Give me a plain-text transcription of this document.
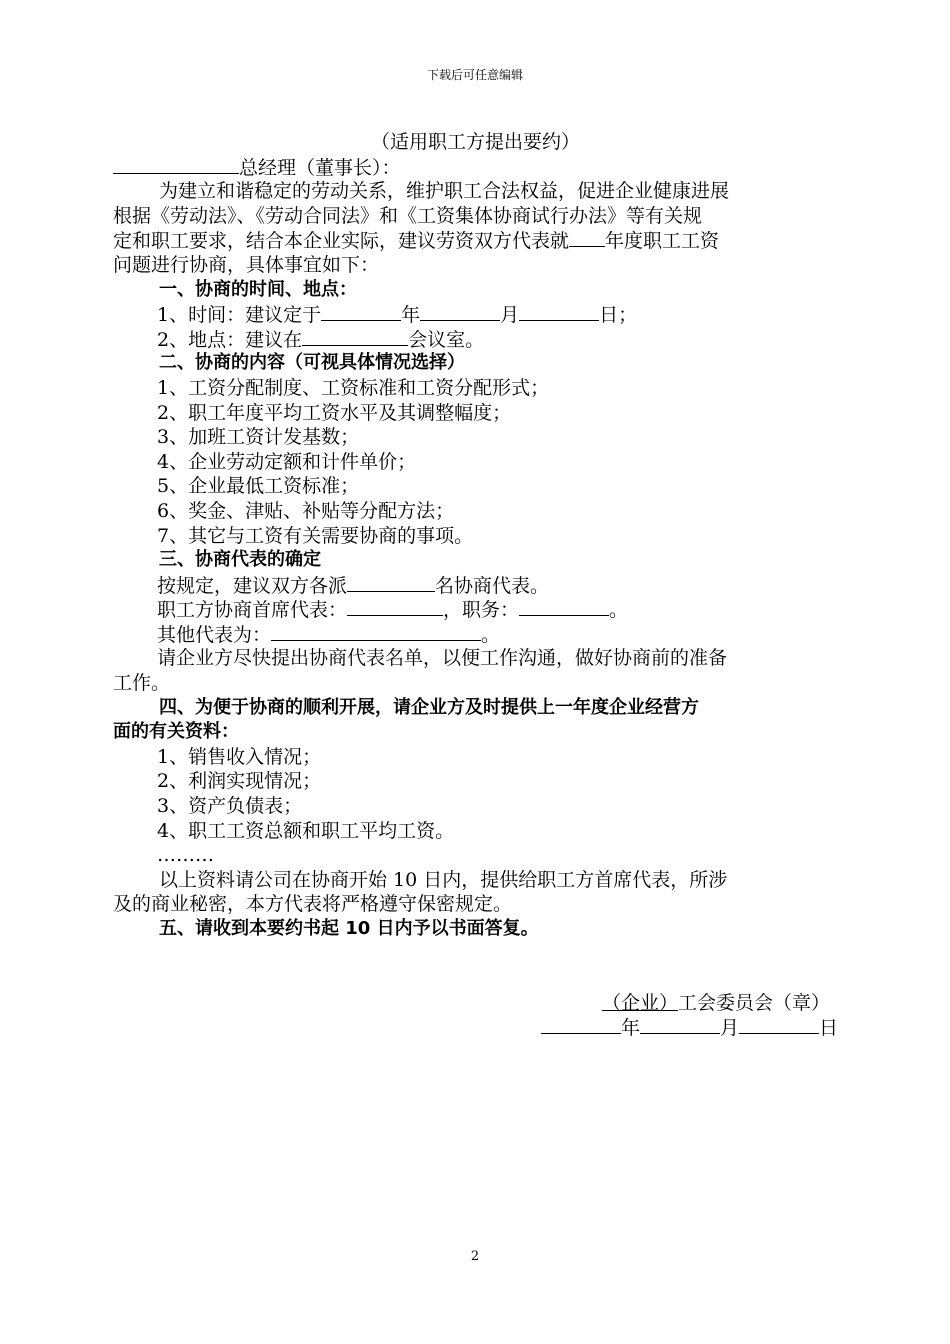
下载后可任意编辑
（适用职工方提出要约）
总经理（董事长）：
为建立和谐稳定的劳动关系，维护职工合法权益，促进企业健康进展
根据《劳动法》、《劳动合同法》和《工资集体协商试行办法》等有关规
定和职工要求，结合本企业实际，建议劳资双方代表就 年度职工工资
问题进行协商，具体事宜如下：
一、协商的时间、地点：
1、时间：建议定于	年	月	日；
2、地点：建议在	会议室。
二、协商的内容（可视具体情况选择）
1、工资分配制度、工资标准和工资分配形式；
2、职工年度平均工资水平及其调整幅度；
3、加班工资计发基数；
4、企业劳动定额和计件单价；
5、企业最低工资标准；
6、奖金、津贴、补贴等分配方法；
7、其它与工资有关需要协商的事项。
三、协商代表的确定
按规定，建议双方各派	名协商代表。
职工方协商首席代表：	，职务：	。
其他代表为：	。
请企业方尽快提出协商代表名单，以便工作沟通，做好协商前的准备
工作。
四、为便于协商的顺利开展，请企业方及时提供上一年度企业经营方
面的有关资料：
1、销售收入情况；
2、利润实现情况；
3、资产负债表；
4、职工工资总额和职工平均工资。
………
以上资料请公司在协商开始 10 日内，提供给职工方首席代表，所涉
及的商业秘密，本方代表将严格遵守保密规定。
五、请收到本要约书起 10 日内予以书面答复。
（企业）工会委员会（章）
年	月	日
2
